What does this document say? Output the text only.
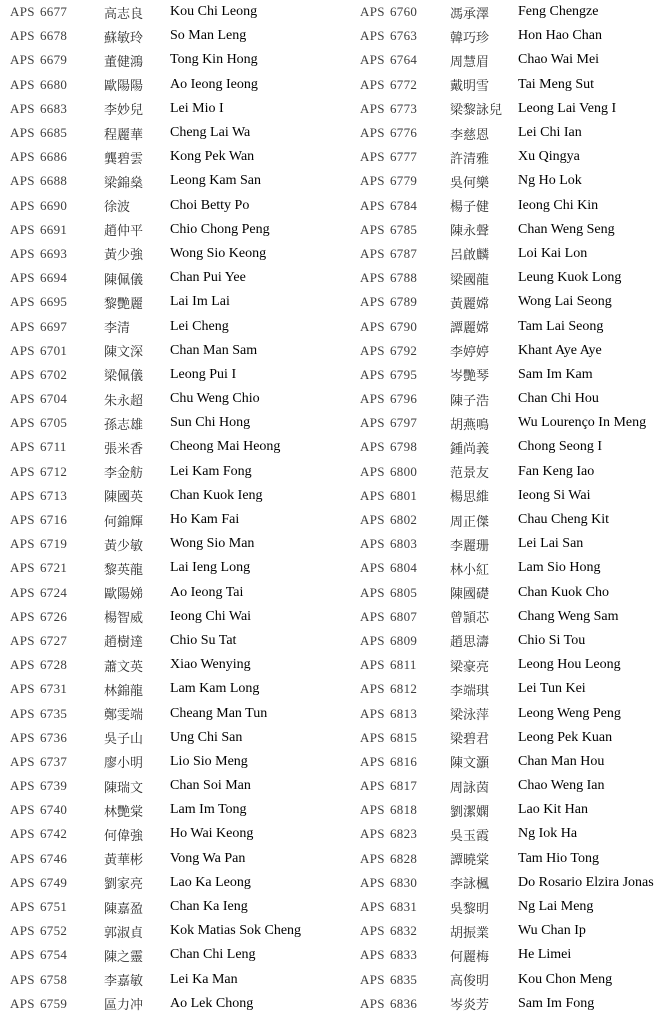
APS 6677	高志良	Kou Chi Leong
APS 6678	蘇敏玲	So Man Leng
APS 6679	董健鴻	Tong Kin Hong
APS 6680	歐陽陽	Ao Ieong Ieong
APS 6683	李妙兒	Lei Mio I
APS 6685	程麗華	Cheng Lai Wa
APS 6686	龔碧雲	Kong Pek Wan
APS 6688	梁錦燊	Leong Kam San
APS 6690	徐波	Choi Betty Po
APS 6691	趙仲平	Chio Chong Peng
APS 6693	黃少強	Wong Sio Keong
APS 6694	陳佩儀	Chan Pui Yee
APS 6695	黎艷麗	Lai Im Lai
APS 6697	李清	Lei Cheng
APS 6701	陳文深	Chan Man Sam
APS 6702	梁佩儀	Leong Pui I
APS 6704	朱永超	Chu Weng Chio
APS 6705	孫志雄	Sun Chi Hong
APS 6711	張米香	Cheong Mai Heong
APS 6712	李金舫	Lei Kam Fong
APS 6713	陳國英	Chan Kuok Ieng
APS 6716	何錦輝	Ho Kam Fai
APS 6719	黃少敏	Wong Sio Man
APS 6721	黎英龍	Lai Ieng Long
APS 6724	歐陽娣	Ao Ieong Tai
APS 6726	楊智威	Ieong Chi Wai
APS 6727	趙樹達	Chio Su Tat
APS 6728	蕭文英	Xiao Wenying
APS 6731	林錦龍	Lam Kam Long
APS 6735	鄭雯端	Cheang Man Tun
APS 6736	吳子山	Ung Chi San
APS 6737	廖小明	Lio Sio Meng
APS 6739	陳瑞文	Chan Soi Man
APS 6740	林艷棠	Lam Im Tong
APS 6742	何偉強	Ho Wai Keong
APS 6746	黃華彬	Vong Wa Pan
APS 6749	劉家亮	Lao Ka Leong
APS 6751	陳嘉盈	Chan Ka Ieng
APS 6752	郭淑貞	Kok Matias Sok Cheng
APS 6754	陳之靈	Chan Chi Leng
APS 6758	李嘉敏	Lei Ka Man
APS 6759	區力冲	Ao Lek Chong
APS 6760	馮承澤	Feng Chengze
APS 6763	韓巧珍	Hon Hao Chan
APS 6764	周慧眉	Chao Wai Mei
APS 6772	戴明雪	Tai Meng Sut
APS 6773	梁黎詠兒	Leong Lai Veng I
APS 6776	李慈恩	Lei Chi Ian
APS 6777	許清雅	Xu Qingya
APS 6779	吳何樂	Ng Ho Lok
APS 6784	楊子健	Ieong Chi Kin
APS 6785	陳永聲	Chan Weng Seng
APS 6787	呂啟麟	Loi Kai Lon
APS 6788	梁國龍	Leung Kuok Long
APS 6789	黃麗嫦	Wong Lai Seong
APS 6790	譚麗嫦	Tam Lai Seong
APS 6792	李婷婷	Khant Aye Aye
APS 6795	岑艷琴	Sam Im Kam
APS 6796	陳子浩	Chan Chi Hou
APS 6797	胡燕鳴	Wu Lourenço In Meng
APS 6798	鍾尚義	Chong Seong I
APS 6800	范景友	Fan Keng Iao
APS 6801	楊思維	Ieong Si Wai
APS 6802	周正傑	Chau Cheng Kit
APS 6803	李麗珊	Lei Lai San
APS 6804	林小紅	Lam Sio Hong
APS 6805	陳國礎	Chan Kuok Cho
APS 6807	曾頴芯	Chang Weng Sam
APS 6809	趙思濤	Chio Si Tou
APS 6811	梁豪亮	Leong Hou Leong
APS 6812	李端琪	Lei Tun Kei
APS 6813	梁泳萍	Leong Weng Peng
APS 6815	梁碧君	Leong Pek Kuan
APS 6816	陳文灝	Chan Man Hou
APS 6817	周詠茵	Chao Weng Ian
APS 6818	劉潔嫻	Lao Kit Han
APS 6823	吳玉霞	Ng Iok Ha
APS 6828	譚曉棠	Tam Hio Tong
APS 6830	李詠楓	Do Rosario Elzira Jonas
APS 6831	吳黎明	Ng Lai Meng
APS 6832	胡振業	Wu Chan Ip
APS 6833	何麗梅	He Limei
APS 6835	高俊明	Kou Chon Meng
APS 6836	岑炎芳	Sam Im Fong
